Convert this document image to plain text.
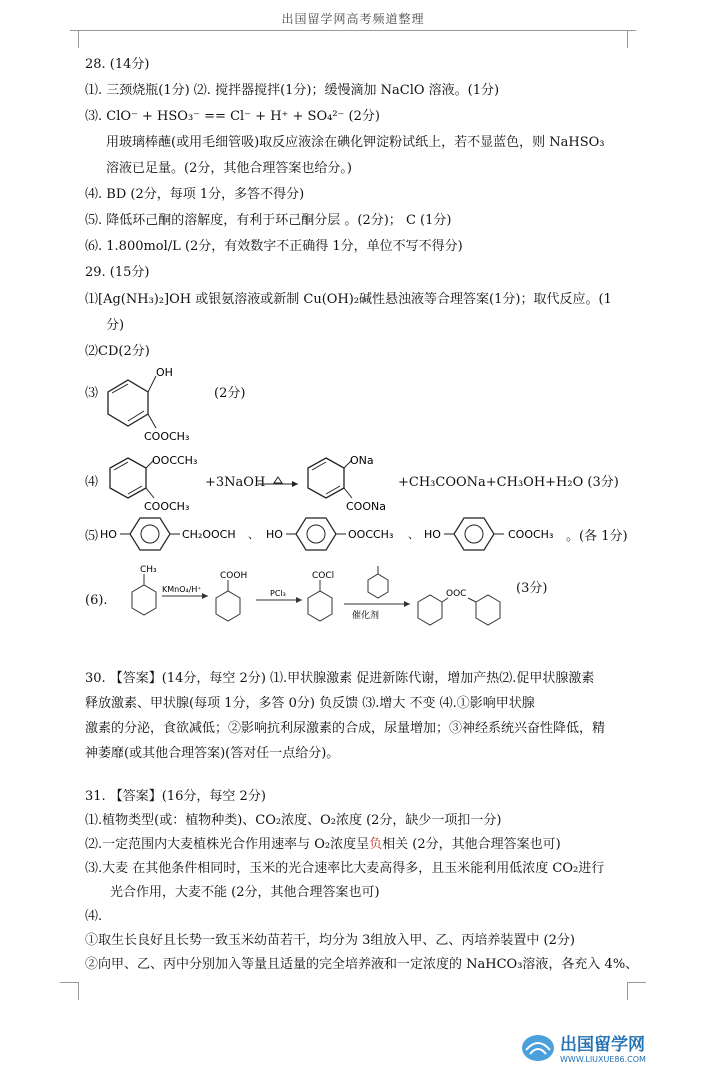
出国留学网高考频道整理
28. (14分)
⑴. 三颈烧瓶(1分) ⑵. 搅拌器搅拌(1分)；缓慢滴加 NaClO 溶液。(1分)
⑶. ClO⁻ + HSO₃⁻ == Cl⁻ + H⁺ + SO₄²⁻ (2分)
用玻璃棒蘸(或用毛细管吸)取反应液涂在碘化钾淀粉试纸上，若不显蓝色，则 NaHSO₃
溶液已足量。(2分，其他合理答案也给分。)
⑷. BD (2分，每项 1分，多答不得分)
⑸. 降低环己酮的溶解度，有利于环己酮分层 。(2分)； C (1分)
⑹. 1.800mol/L (2分，有效数字不正确得 1分，单位不写不得分)
29. (15分)
⑴[Ag(NH₃)₂]OH 或银氨溶液或新制 Cu(OH)₂碱性悬浊液等合理答案(1分)；取代反应。(1
分)
⑵CD(2分)
⑶
OH
COOCH₃
(2分)
⑷
OOCCH₃
COOCH₃
+3NaOH
ONa
COONa
+CH₃COONa+CH₃OH+H₂O (3分)
⑸ HO	CH₂OOCH 、 HO	OOCCH₃ 、 HO	COOCH₃ 。(各 1分)
(6).
CH₃
KMnO₄/H⁺
COOH
PCl₃
COCl
催化剂
OOC	(3分)
30. 【答案】(14分，每空 2分) ⑴.甲状腺激素 促进新陈代谢，增加产热⑵.促甲状腺激素
释放激素、甲状腺(每项 1分，多答 0分) 负反馈 ⑶.增大 不变 ⑷.①影响甲状腺
激素的分泌，食欲减低；②影响抗利尿激素的合成，尿量增加；③神经系统兴奋性降低，精
神萎靡(或其他合理答案)(答对任一点给分)。
31. 【答案】(16分，每空 2分)
⑴.植物类型(或：植物种类)、CO₂浓度、O₂浓度 (2分，缺少一项扣一分)
⑵.一定范围内大麦植株光合作用速率与 O₂浓度呈负相关 (2分，其他合理答案也可)
⑶.大麦 在其他条件相同时，玉米的光合速率比大麦高得多，且玉米能利用低浓度 CO₂进行
光合作用，大麦不能 (2分，其他合理答案也可)
⑷.
①取生长良好且长势一致玉米幼苗若干，均分为 3组放入甲、乙、丙培养装置中 (2分)
②向甲、乙、丙中分别加入等量且适量的完全培养液和一定浓度的 NaHCO₃溶液，各充入 4%、
出国留学网
WWW.LIUXUE86.COM
